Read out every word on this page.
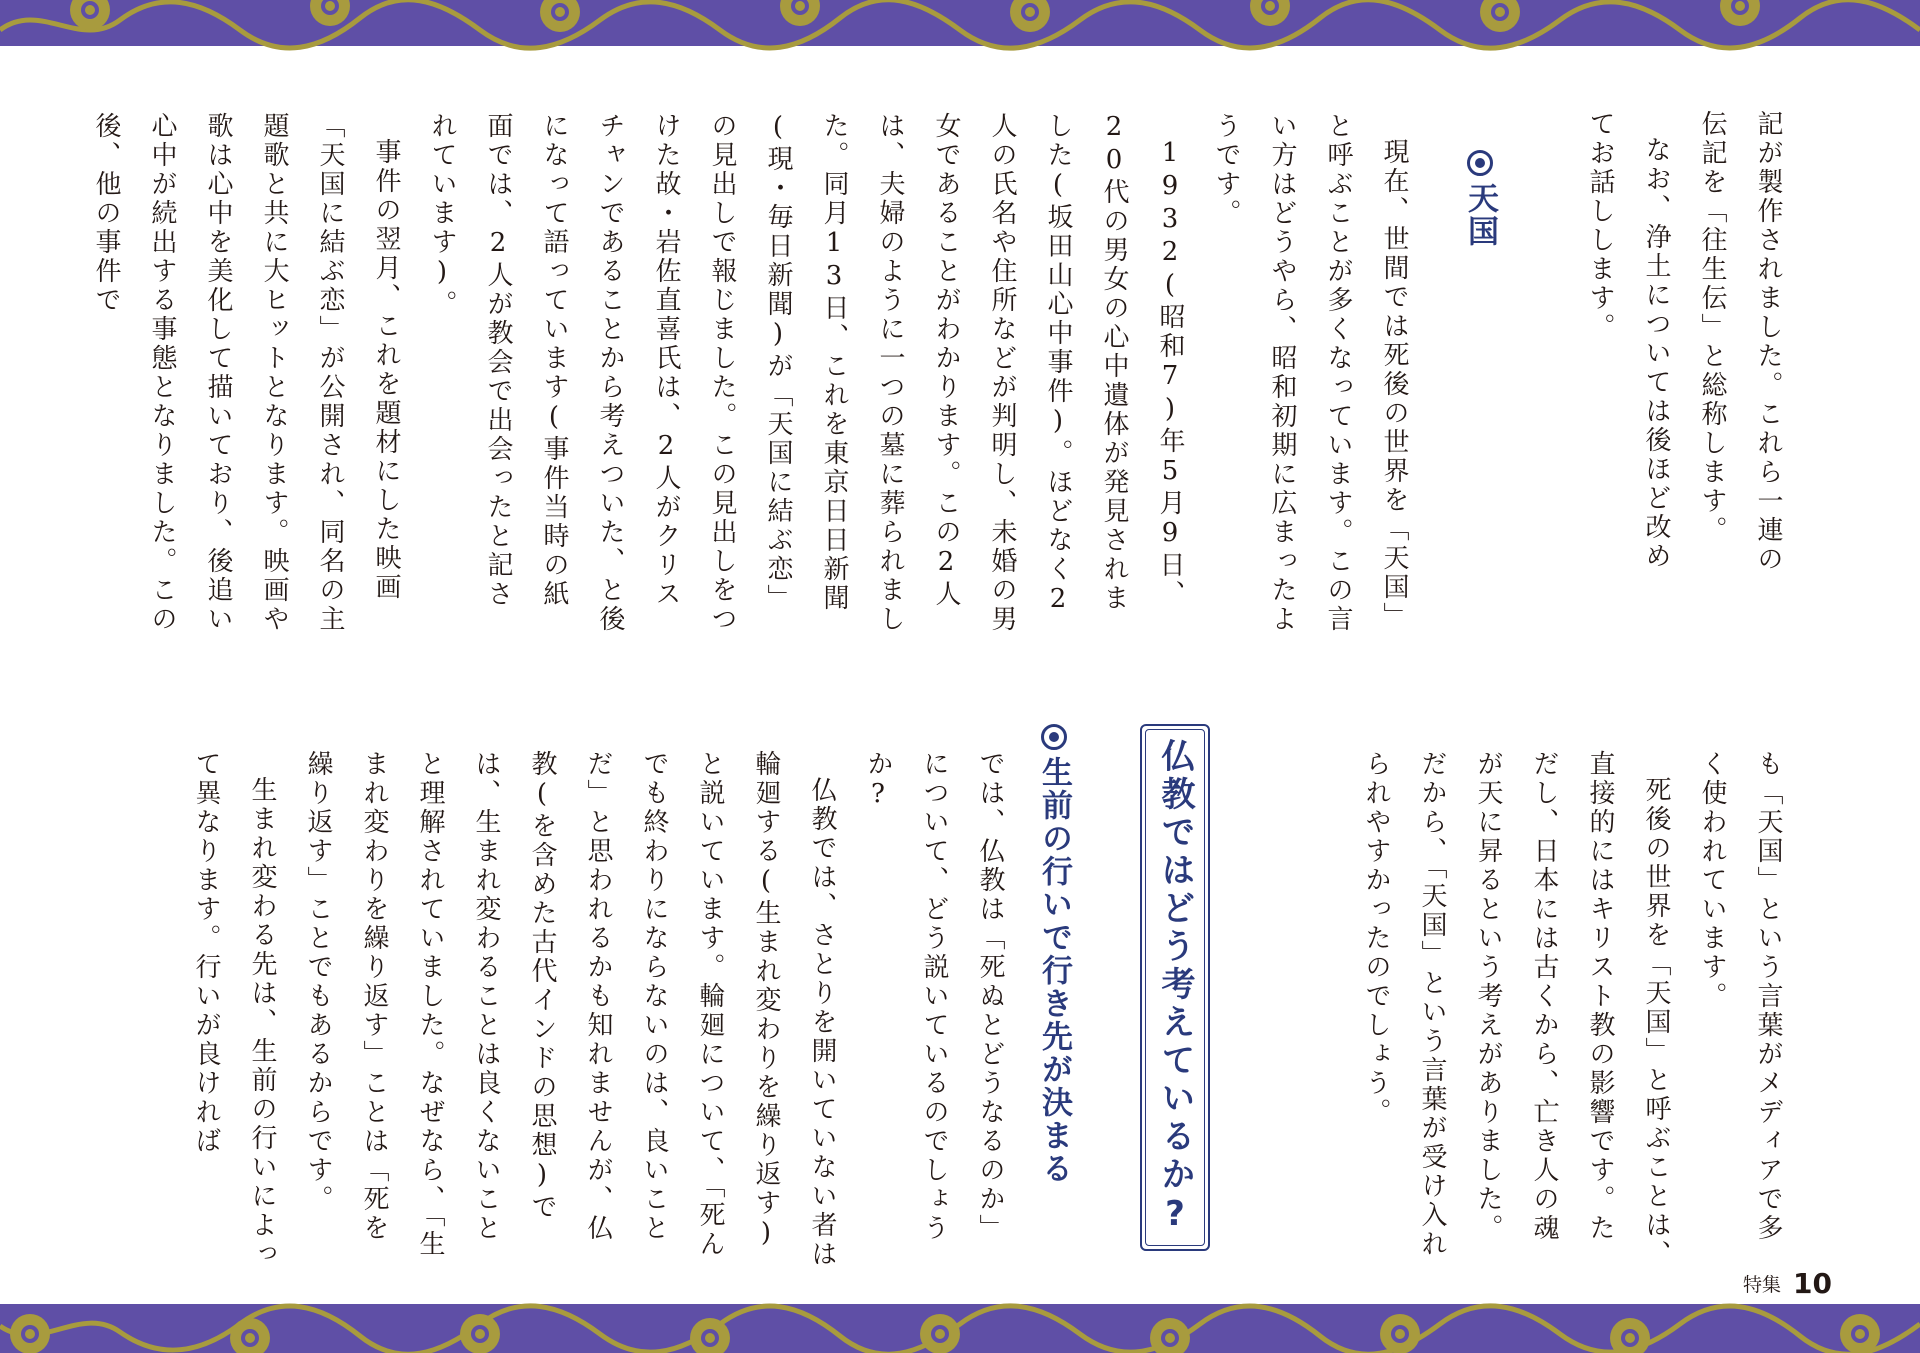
記が製作されました。これら一連の
伝記を「往生伝」と総称します。
なお、浄土については後ほど改め
てお話しします。
天国

現在、世間では死後の世界を「天国」と呼ぶことが多くなっています。この言い方はどうやら、昭和初期に広まったようです。

1932(昭和7)年5月9日、20代の男女の心中遺体が発見されました(坂田山心中事件)。ほどなく2人の氏名や住所などが判明し、未婚の男女であることがわかります。この2人は、夫婦のように一つの墓に葬られました。同月13日、これを東京日日新聞(現・毎日新聞)が「天国に結ぶ恋」の見出しで報じました。この見出しをつけた故・岩佐直喜氏は、2人がクリスチャンであることから考えついた、と後になって語っています(事件当時の紙面では、2人が教会で出会ったと記されています)。

事件の翌月、これを題材にした映画「天国に結ぶ恋」が公開され、同名の主題歌と共に大ヒットとなります。映画や歌は心中を美化して描いており、後追い心中が続出する事態となりました。この後、他の事件で

も「天国」という言葉がメディアで多く使われています。

死後の世界を「天国」と呼ぶことは、直接的にはキリスト教の影響です。ただし、日本には古くから、亡き人の魂が天に昇るという考えがありました。だから、「天国」という言葉が受け入れられやすかったのでしょう。

仏教ではどう考えているか?
生前の行いで行き先が決まる

では、仏教は「死ぬとどうなるのか」について、どう説いているのでしょうか?

仏教では、さとりを開いていない者は輪廻する(生まれ変わりを繰り返す)と説いています。輪廻について、「死んでも終わりにならないのは、良いことだ」と思われるかも知れませんが、仏教(を含めた古代インドの思想)では、生まれ変わることは良くないことと理解されていました。なぜなら、「生まれ変わりを繰り返す」ことは「死を繰り返す」ことでもあるからです。

生まれ変わる先は、生前の行いによって異なります。行いが良ければ

特集 10
